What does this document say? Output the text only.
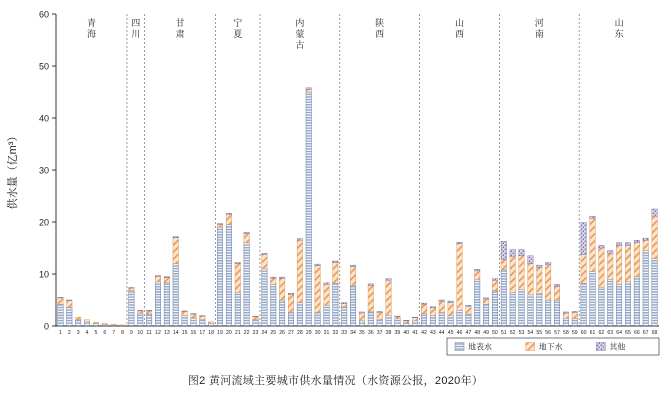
0
10
20
30
40
50
60
供水量（亿m³）
青
海
四
川
甘
肃
宁
夏
内
蒙
古
陕
西
山
西
河
南
山
东
1 2 3 4 5 6 7 8 9 10 11 12 13 14 15 16 17 18 19 20 21 22 23 24 25 26 27 28 29 30 31 32 33 34 35 36 37 38 39 40 41 42 43 44 45 46 47 48 49 50 51 52 53 54 55 56 57 58 59 60 61 62 63 64 65 66 67 68
地表水	地下水	其他
图2 黄河流域主要城市供水量情况（水资源公报，2020年）
